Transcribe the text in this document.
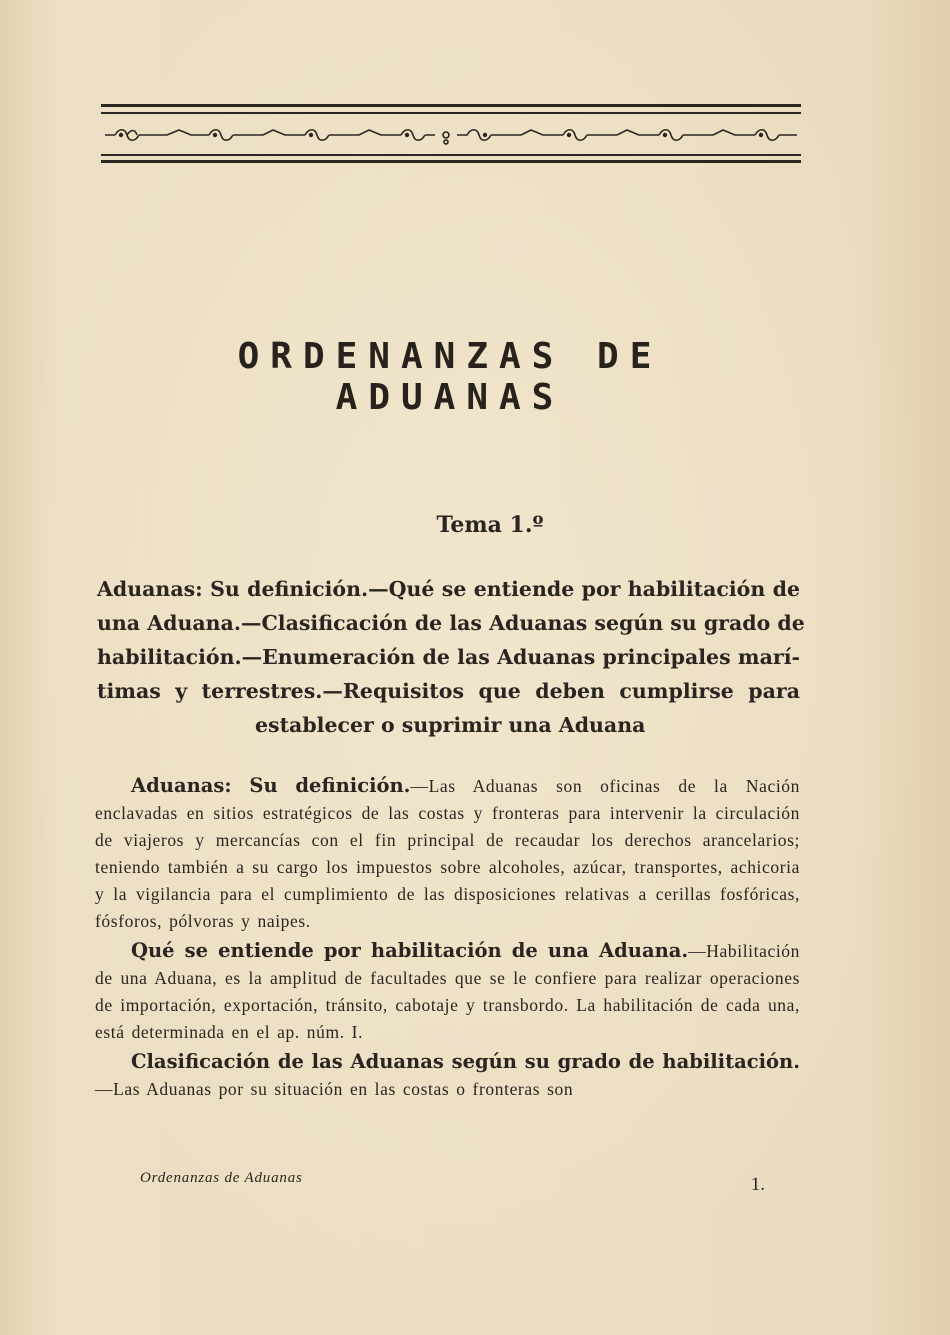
ORDENANZAS DE ADUANAS
Tema 1.º
Aduanas: Su definición.—Qué se entiende por habilitación de
una Aduana.—Clasificación de las Aduanas según su grado de
habilitación.—Enumeración de las Aduanas principales marí-
timas y terrestres.—Requisitos que deben cumplirse para
establecer o suprimir una Aduana

Aduanas: Su definición.—Las Aduanas son oficinas de la Nación enclavadas en sitios estratégicos de las costas y fronteras para intervenir la circulación de viajeros y mercancías con el fin principal de recaudar los derechos arancelarios; teniendo también a su cargo los impuestos sobre alcoholes, azúcar, transportes, achicoria y la vigilancia para el cumplimiento de las disposiciones relativas a cerillas fosfóricas, fósforos, pólvoras y naipes.

Qué se entiende por habilitación de una Aduana.—Habilitación de una Aduana, es la amplitud de facultades que se le confiere para realizar operaciones de importación, exportación, tránsito, cabotaje y transbordo. La habilitación de cada una, está determinada en el ap. núm. I.

Clasificación de las Aduanas según su grado de habilitación.—Las Aduanas por su situación en las costas o fronteras son

Ordenanzas de Aduanas	1.
